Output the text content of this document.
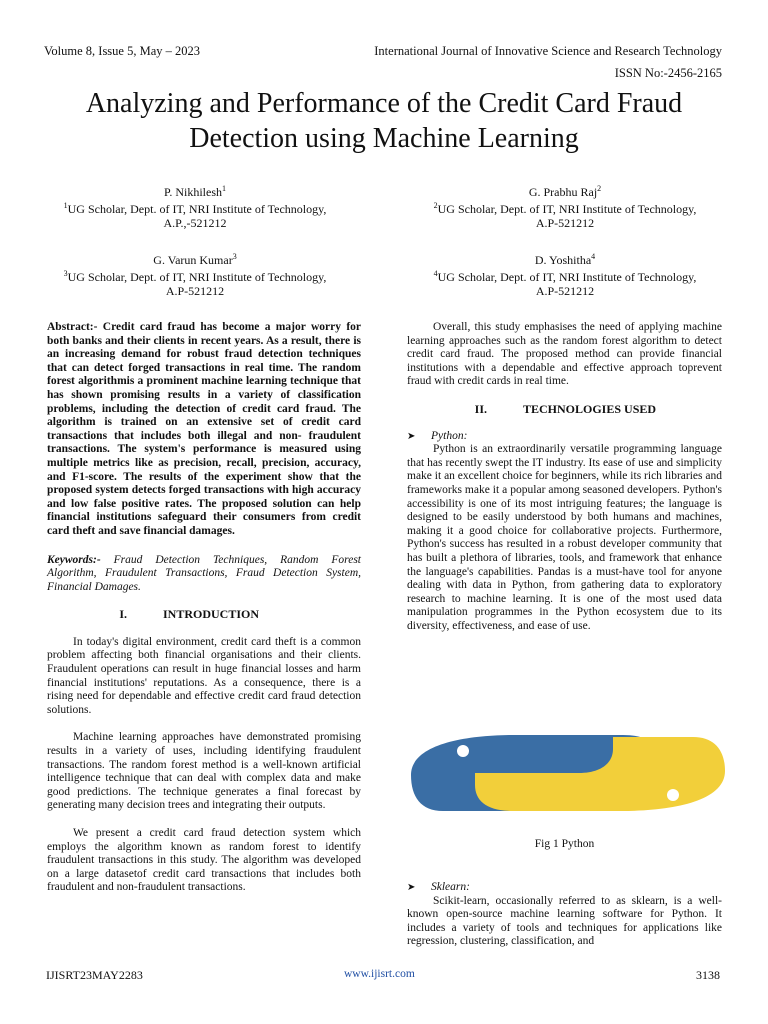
Volume 8, Issue 5, May – 2023	International Journal of Innovative Science and Research Technology
ISSN No:-2456-2165
Analyzing and Performance of the Credit Card Fraud
Detection using Machine Learning
P. Nikhilesh$^1$
$^1$UG Scholar, Dept. of IT, NRI Institute of Technology,
A.P.,-521212
G. Prabhu Raj$^2$
$^2$UG Scholar, Dept. of IT, NRI Institute of Technology,
A.P-521212
G. Varun Kumar$^3$
$^3$UG Scholar, Dept. of IT, NRI Institute of Technology,
A.P-521212
D. Yoshitha$^4$
$^4$UG Scholar, Dept. of IT, NRI Institute of Technology,
A.P-521212

Abstract:- Credit card fraud has become a major worry for both banks and their clients in recent years. As a result, there is an increasing demand for robust fraud detection techniques that can detect forged transactions in real time. The random forest algorithmis a prominent machine learning technique that has shown promising results in a variety of classification problems, including the detection of credit card fraud. The algorithm is trained on an extensive set of credit card transactions that includes both illegal and non- fraudulent transactions. The system's performance is measured using multiple metrics like as precision, recall, precision, accuracy, and F1-score. The results of the experiment show that the proposed system detects forged transactions with high accuracy and low false positive rates. The proposed solution can help financial institutions safeguard their consumers from credit card theft and save financial damages.

Keywords:- Fraud Detection Techniques, Random Forest Algorithm, Fraudulent Transactions, Fraud Detection System, Financial Damages.

I.	INTRODUCTION

In today's digital environment, credit card theft is a common problem affecting both financial organisations and their clients. Fraudulent operations can result in huge financial losses and harm financial institutions' reputations. As a consequence, there is a rising need for dependable and effective credit card fraud detection solutions.

Machine learning approaches have demonstrated promising results in a variety of uses, including identifying fraudulent transactions. The random forest method is a well-known artificial intelligence technique that can deal with complex data and make good predictions. The technique generates a final forecast by generating many decision trees and integrating their outputs.

We present a credit card fraud detection system which employs the algorithm known as random forest to identify fraudulent transactions in this study. The algorithm was developed on a large datasetof credit card transactions that includes both fraudulent and non-fraudulent transactions.

Overall, this study emphasises the need of applying machine learning approaches such as the random forest algorithm to detect credit card fraud. The proposed method can provide financial institutions with a dependable and effective approach toprevent fraud with credit cards in real time.

II.	TECHNOLOGIES USED

➤ Python:

Python is an extraordinarily versatile programming language that has recently swept the IT industry. Its ease of use and simplicity make it an excellent choice for beginners, while its rich libraries and frameworks make it a popular among seasoned developers. Python's accessibility is one of its most intriguing features; the language is designed to be easily understood by both humans and machines, making it a good choice for collaborative projects. Furthermore, Python's success has resulted in a robust developer community that has built a plethora of libraries, tools, and framework that enhance the language's capabilities. Pandas is a must-have tool for anyone dealing with data in Python, from gathering data to exploratory research to machine learning. It is one of the most used data manipulation programmes in the Python ecosystem due to its diversity, effectiveness, and ease of use.

Fig 1 Python

➤ Sklearn:

Scikit-learn, occasionally referred to as sklearn, is a well-known open-source machine learning software for Python. It includes a variety of tools and techniques for applications like regression, clustering, classification, and

IJISRT23MAY2283	www.ijisrt.com	3138
